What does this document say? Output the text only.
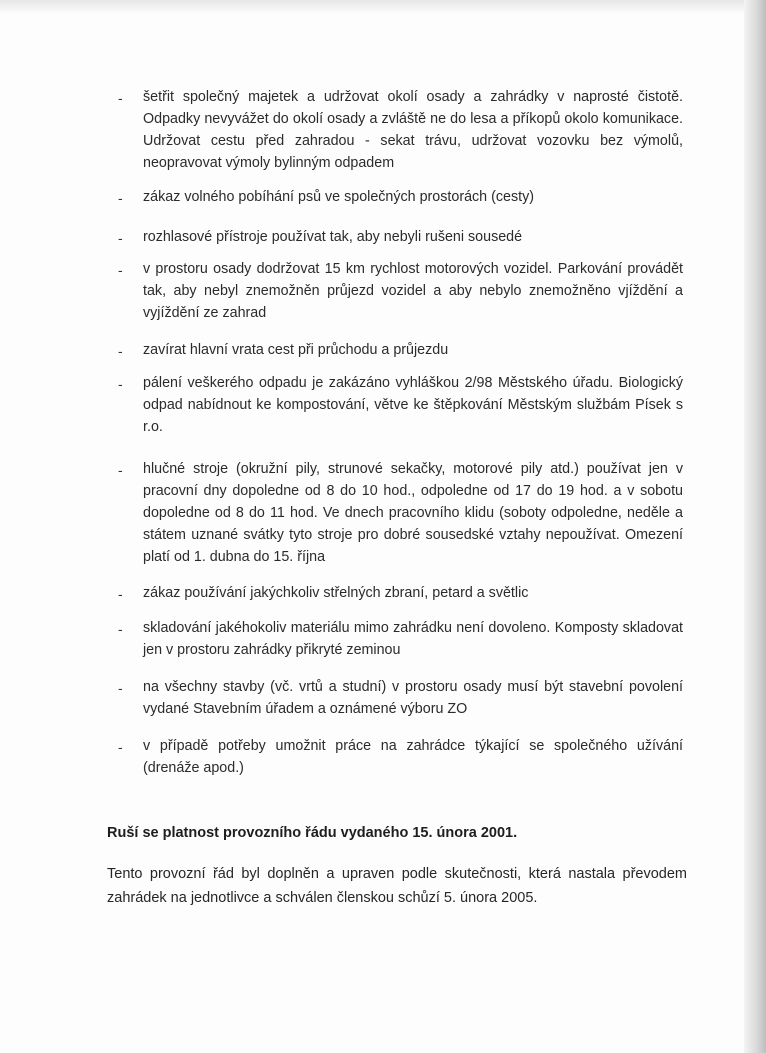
- šetřit společný majetek a udržovat okolí osady a zahrádky v naprosté čistotě. Odpadky nevyvážet do okolí osady a zvláště ne do lesa a příkopů okolo komunikace. Udržovat cestu před zahradou - sekat trávu, udržovat vozovku bez výmolů, neopravovat výmoly bylinným odpadem
- zákaz volného pobíhání psů ve společných prostorách (cesty)
- rozhlasové přístroje používat tak, aby nebyli rušeni sousedé
- v prostoru osady dodržovat 15 km rychlost motorových vozidel. Parkování provádět tak, aby nebyl znemožněn průjezd vozidel a aby nebylo znemožněno vjíždění a vyjíždění ze zahrad
- zavírat hlavní vrata cest při průchodu a průjezdu
- pálení veškerého odpadu je zakázáno vyhláškou 2/98 Městského úřadu. Biologický odpad nabídnout ke kompostování, větve ke štěpkování Městským službám Písek s r.o.
- hlučné stroje (okružní pily, strunové sekačky, motorové pily atd.) používat jen v pracovní dny dopoledne od 8 do 10 hod., odpoledne od 17 do 19 hod. a v sobotu dopoledne od 8 do 11 hod. Ve dnech pracovního klidu (soboty odpoledne, neděle a státem uznané svátky tyto stroje pro dobré sousedské vztahy nepoužívat. Omezení platí od 1. dubna do 15. října
- zákaz používání jakýchkoliv střelných zbraní, petard a světlic
- skladování jakéhokoliv materiálu mimo zahrádku není dovoleno. Komposty skladovat jen v prostoru zahrádky přikryté zeminou
- na všechny stavby (vč. vrtů a studní) v prostoru osady musí být stavební povolení vydané Stavebním úřadem a oznámené výboru ZO
- v případě potřeby umožnit práce na zahrádce týkající se společného užívání (drenáže apod.)
Ruší se platnost provozního řádu vydaného 15. února 2001.
Tento provozní řád byl doplněn a upraven podle skutečnosti, která nastala převodem zahrádek na jednotlivce a schválen členskou schůzí 5. února 2005.
